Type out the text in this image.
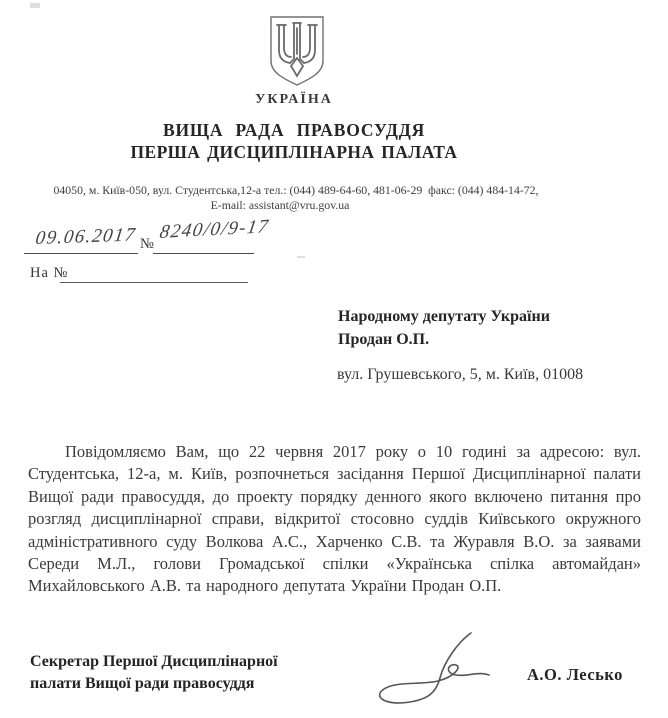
УКРАЇНА
ВИЩА РАДА ПРАВОСУДДЯ
ПЕРША ДИСЦИПЛІНАРНА ПАЛАТА
04050, м. Київ-050, вул. Студентська,12-а тел.: (044) 489-64-60, 481-06-29  факс: (044) 484-14-72,
E-mail: assistant@vru.gov.ua
09.06.2017 №
8240/0/9-17
На №
Народному депутату України
Продан О.П.
вул. Грушевського, 5, м. Київ, 01008
Повідомляємо Вам, що 22 червня 2017 року о 10 годині за адресою: вул. Студентська, 12-а, м. Київ, розпочнеться засідання Першої Дисциплінарної палати Вищої ради правосуддя, до проекту порядку денного якого включено питання про розгляд дисциплінарної справи, відкритої стосовно суддів Київського окружного адміністративного суду Волкова А.С., Харченко С.В. та Журавля В.О. за заявами Середи М.Л., голови Громадської спілки «Українська спілка автомайдан» Михайловського А.В. та народного депутата України Продан О.П.
Секретар Першої Дисциплінарної
палати Вищої ради правосуддя	А.О. Лесько
